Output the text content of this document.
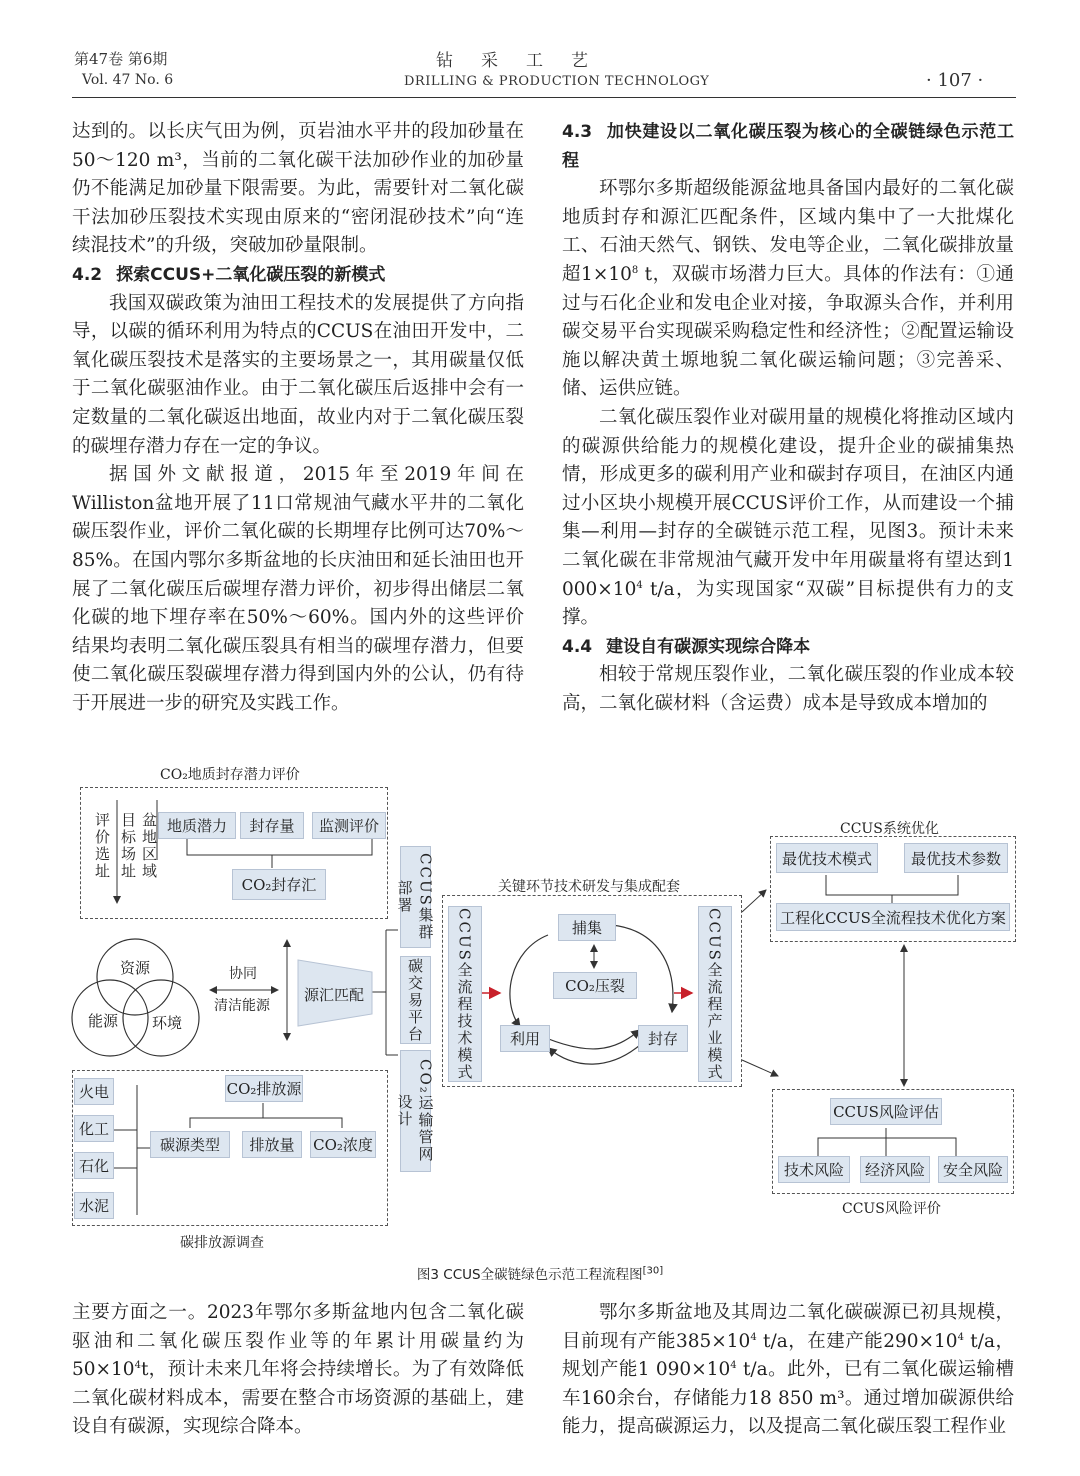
第47卷 第6期
Vol. 47 No. 6
钻采工艺
DRILLING & PRODUCTION TECHNOLOGY	· 107 ·

达到的。以长庆气田为例，页岩油水平井的段加砂量在50～120 m³，当前的二氧化碳干法加砂作业的加砂量仍不能满足加砂量下限需要。为此，需要针对二氧化碳干法加砂压裂技术实现由原来的“密闭混砂技术”向“连续混技术”的升级，突破加砂量限制。

4.2 探索CCUS+二氧化碳压裂的新模式

我国双碳政策为油田工程技术的发展提供了方向指导，以碳的循环利用为特点的CCUS在油田开发中，二氧化碳压裂技术是落实的主要场景之一，其用碳量仅低于二氧化碳驱油作业。由于二氧化碳压后返排中会有一定数量的二氧化碳返出地面，故业内对于二氧化碳压裂的碳埋存潜力存在一定的争议。

据国外文献报道，2015年至2019年间在Williston盆地开展了11口常规油气藏水平井的二氧化碳压裂作业，评价二氧化碳的长期埋存比例可达70%～85%。在国内鄂尔多斯盆地的长庆油田和延长油田也开展了二氧化碳压后碳埋存潜力评价，初步得出储层二氧化碳的地下埋存率在50%～60%。国内外的这些评价结果均表明二氧化碳压裂具有相当的碳埋存潜力，但要使二氧化碳压裂碳埋存潜力得到国内外的公认，仍有待于开展进一步的研究及实践工作。

4.3 加快建设以二氧化碳压裂为核心的全碳链绿色示范工程

环鄂尔多斯超级能源盆地具备国内最好的二氧化碳地质封存和源汇匹配条件，区域内集中了一大批煤化工、石油天然气、钢铁、发电等企业，二氧化碳排放量超$1\times 10^8$ t，双碳市场潜力巨大。具体的作法有：①通过与石化企业和发电企业对接，争取源头合作，并利用碳交易平台实现碳采购稳定性和经济性；②配置运输设施以解决黄土塬地貌二氧化碳运输问题；③完善采、储、运供应链。

二氧化碳压裂作业对碳用量的规模化将推动区域内的碳源供给能力的规模化建设，提升企业的碳捕集热情，形成更多的碳利用产业和碳封存项目，在油区内通过小区块小规模开展CCUS评价工作，从而建设一个捕集—利用—封存的全碳链示范工程，见图3。预计未来二氧化碳在非常规油气藏开发中年用碳量将有望达到1 $000\times 10^4$ t/a，为实现国家“双碳”目标提供有力的支撑。

4.4 建设自有碳源实现综合降本

相较于常规压裂作业，二氧化碳压裂的作业成本较高，二氧化碳材料（含运费）成本是导致成本增加的

CO₂地质封存潜力评价
评价选址	盆地区域目标场址	地质潜力	封存量	监测评价
CO₂封存汇
资源
能源 环境
协同
清洁能源
源汇匹配
CCUS集群部署
碳交易平台
CO₂运输管网设计
CO₂排放源
火电
化工
石化
水泥
碳源类型	排放量	CO₂浓度
碳排放源调查
关键环节技术研发与集成配套
CCUS全流程技术模式	CCUS全流程产业模式
捕集
CO₂压裂
利用	封存
CCUS系统优化
最优技术模式	最优技术参数
工程化CCUS全流程技术优化方案
CCUS风险评估
技术风险	经济风险	安全风险
CCUS风险评价
图3 CCUS全碳链绿色示范工程流程图[30]

主要方面之一。2023年鄂尔多斯盆地内包含二氧化碳驱油和二氧化碳压裂作业等的年累计用碳量约为$50\times 10^4t$，预计未来几年将会持续增长。为了有效降低二氧化碳材料成本，需要在整合市场资源的基础上，建设自有碳源，实现综合降本。

鄂尔多斯盆地及其周边二氧化碳碳源已初具规模，目前现有产能$385\times 10^4$ t/a，在建产能$290\times 10^4$ t/a，规划产能1 $090\times 10^4$ t/a。此外，已有二氧化碳运输槽车160余台，存储能力18 850 m³。通过增加碳源供给能力，提高碳源运力，以及提高二氧化碳压裂工程作业
